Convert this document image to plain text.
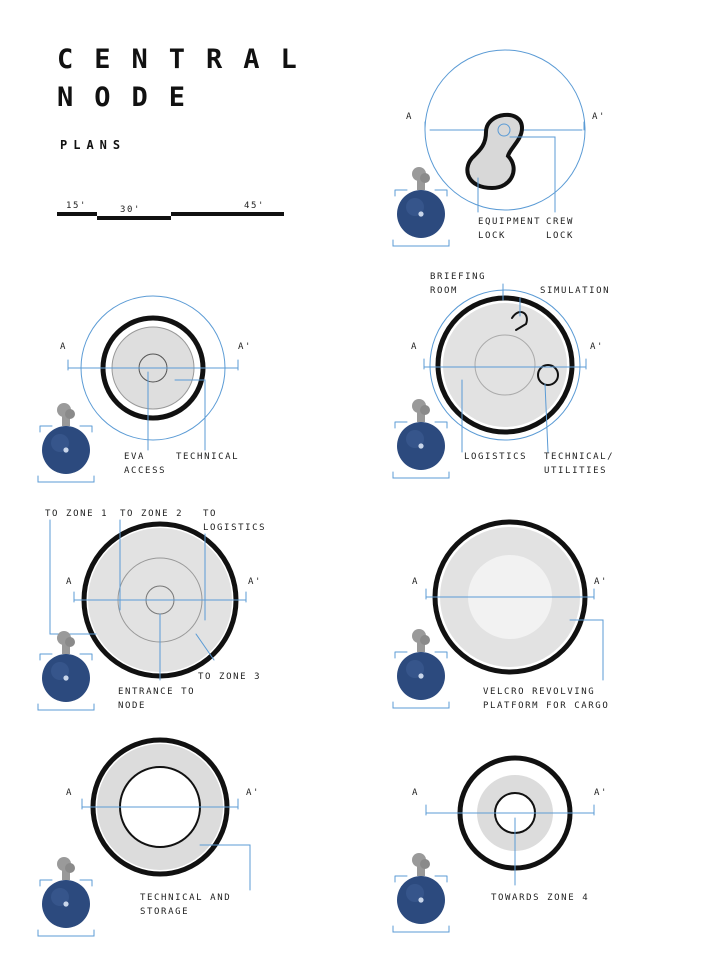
CENTRAL
NODE
PLANS
15'	30'	45'
A	A'
EQUIPMENT
LOCK
CREW
LOCK
A	A'
EVA
ACCESS
TECHNICAL
A	A'
BRIEFING
ROOM	SIMULATION
LOGISTICS TECHNICAL/
UTILITIES
A	A'
TO ZONE 1 TO ZONE 2 TO
LOGISTICS
ENTRANCE TO
NODE
TO ZONE 3
A	A'
VELCRO REVOLVING
PLATFORM FOR CARGO
A	A'
TECHNICAL AND
STORAGE
A	A'
TOWARDS ZONE 4
